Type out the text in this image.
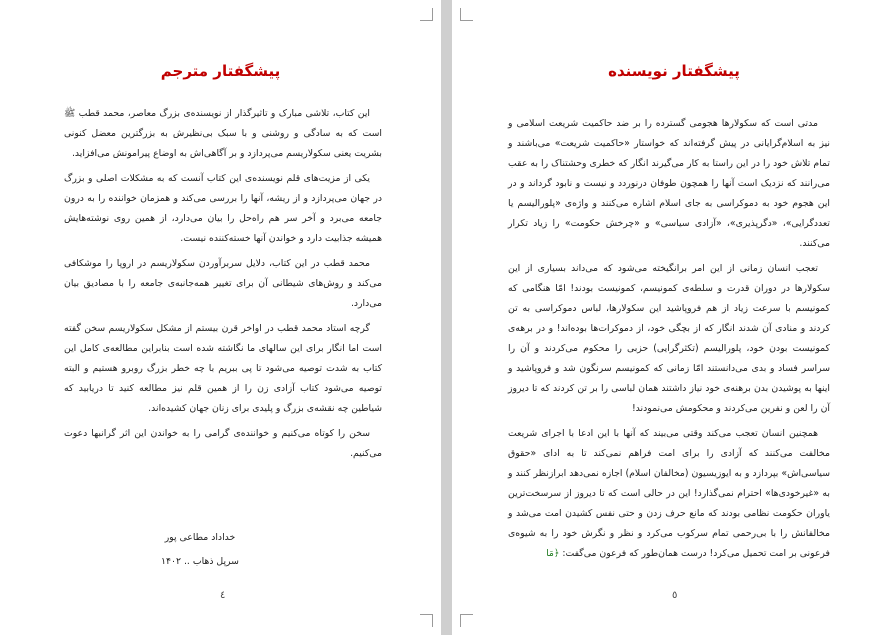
پیشگفتار مترجم

این کتاب، تلاشی مبارک و تاثیرگذار از نویسنده‌ی بزرگ معاصر، محمد قطب ﷺ است که به سادگی و روشنی و با سبک بی‌نظیرش به بزرگترین معضل کنونی بشریت یعنی سکولاریسم می‌پردازد و بر آگاهی‌اش به اوضاع پیرامونش می‌افزاید.

یکی از مزیت‌های قلم نویسنده‌ی این کتاب آنست که به مشکلات اصلی و بزرگ در جهان می‌پردازد و از ریشه، آنها را بررسی می‌کند و همزمان خواننده را به درون جامعه می‌برد و آخر سر هم راه‌حل را بیان می‌دارد، از همین روی نوشته‌هایش همیشه جذابیت دارد و خواندن آنها خسته‌کننده نیست.

محمد قطب در این کتاب، دلایل سربرآوردن سکولاریسم در اروپا را موشکافی می‌کند و روش‌های شیطانی آن برای تغییر همه‌جانبه‌ی جامعه را با مصادیق بیان می‌دارد.

گرچه استاد محمد قطب در اواخر قرن بیستم از مشکل سکولاریسم سخن گفته است اما انگار برای این سالهای ما نگاشته شده است بنابراین مطالعه‌ی کامل این کتاب به شدت توصیه می‌شود تا پی ببریم با چه خطر بزرگ روبرو هستیم و البته توصیه می‌شود کتاب آزادی زن را از همین قلم نیز مطالعه کنید تا دریابید که شیاطین چه نقشه‌ی بزرگ و پلیدی برای زنان جهان کشیده‌اند.

سخن را کوتاه می‌کنیم و خواننده‌ی گرامی را به خواندن این اثر گرانبها دعوت می‌کنیم.

خداداد مطاعی پور
سرپل ذهاب .. ۱۴۰۲
٤
پیشگفتار نویسنده

مدتی است که سکولارها هجومی گسترده را بر ضد حاکمیت شریعت اسلامی و نیز به اسلام‌گرایانی در پیش گرفته‌اند که خواستار «حاکمیت شریعت» می‌باشند و تمام تلاش خود را در این راستا به کار می‌گیرند انگار که خطری وحشتناک را به عقب می‌رانند که نزدیک است آنها را همچون طوفان درنوردد و نیست و نابود گرداند و در این هجوم خود به دموکراسی به جای اسلام اشاره می‌کنند و واژه‌ی «پلورالیسم یا تعددگرایی»، «دگرپذیری»، «آزادی سیاسی» و «چرخش حکومت» را زیاد تکرار می‌کنند.

تعجب انسان زمانی از این امر برانگیخته می‌شود که می‌داند بسیاری از این سکولارها در دوران قدرت و سلطه‌ی کمونیسم، کمونیست بودند! امّا هنگامی که کمونیسم با سرعت زیاد از هم فروپاشید این سکولارها، لباس دموکراسی به تن کردند و منادی آن شدند انگار که از بچگی خود، از دموکرات‌ها بوده‌اند! و در برهه‌ی کمونیست بودن خود، پلورالیسم (تکثرگرایی) حزبی را محکوم می‌کردند و آن را سراسر فساد و بدی می‌دانستند امّا زمانی که کمونیسم سرنگون شد و فروپاشید و اینها به پوشیدن بدن برهنه‌ی خود نیاز داشتند همان لباسی را بر تن کردند که تا دیروز آن را لعن و نفرین می‌کردند و محکومش می‌نمودند!

همچنین انسان تعجب می‌کند وقتی می‌بیند که آنها با این ادعا با اجرای شریعت مخالفت می‌کنند که آزادی را برای امت فراهم نمی‌کند تا به ادای «حقوق سیاسی‌اش» بپردازد و به ایوزیسیون (مخالفان اسلام) اجازه نمی‌دهد ابرازنظر کنند و به «غیرخودی‌ها» احترام نمی‌گذارد! این در حالی است که تا دیروز از سرسخت‌ترین یاوران حکومت نظامی بودند که مانع حرف زدن و حتی نفس کشیدن امت می‌شد و مخالفانش را با بی‌رحمی تمام سرکوب می‌کرد و نظر و نگرش خود را به شیوه‌ی فرعونی بر امت تحمیل می‌کرد! درست همان‌طور که فرعون می‌گفت: ﴿مَا

٥
